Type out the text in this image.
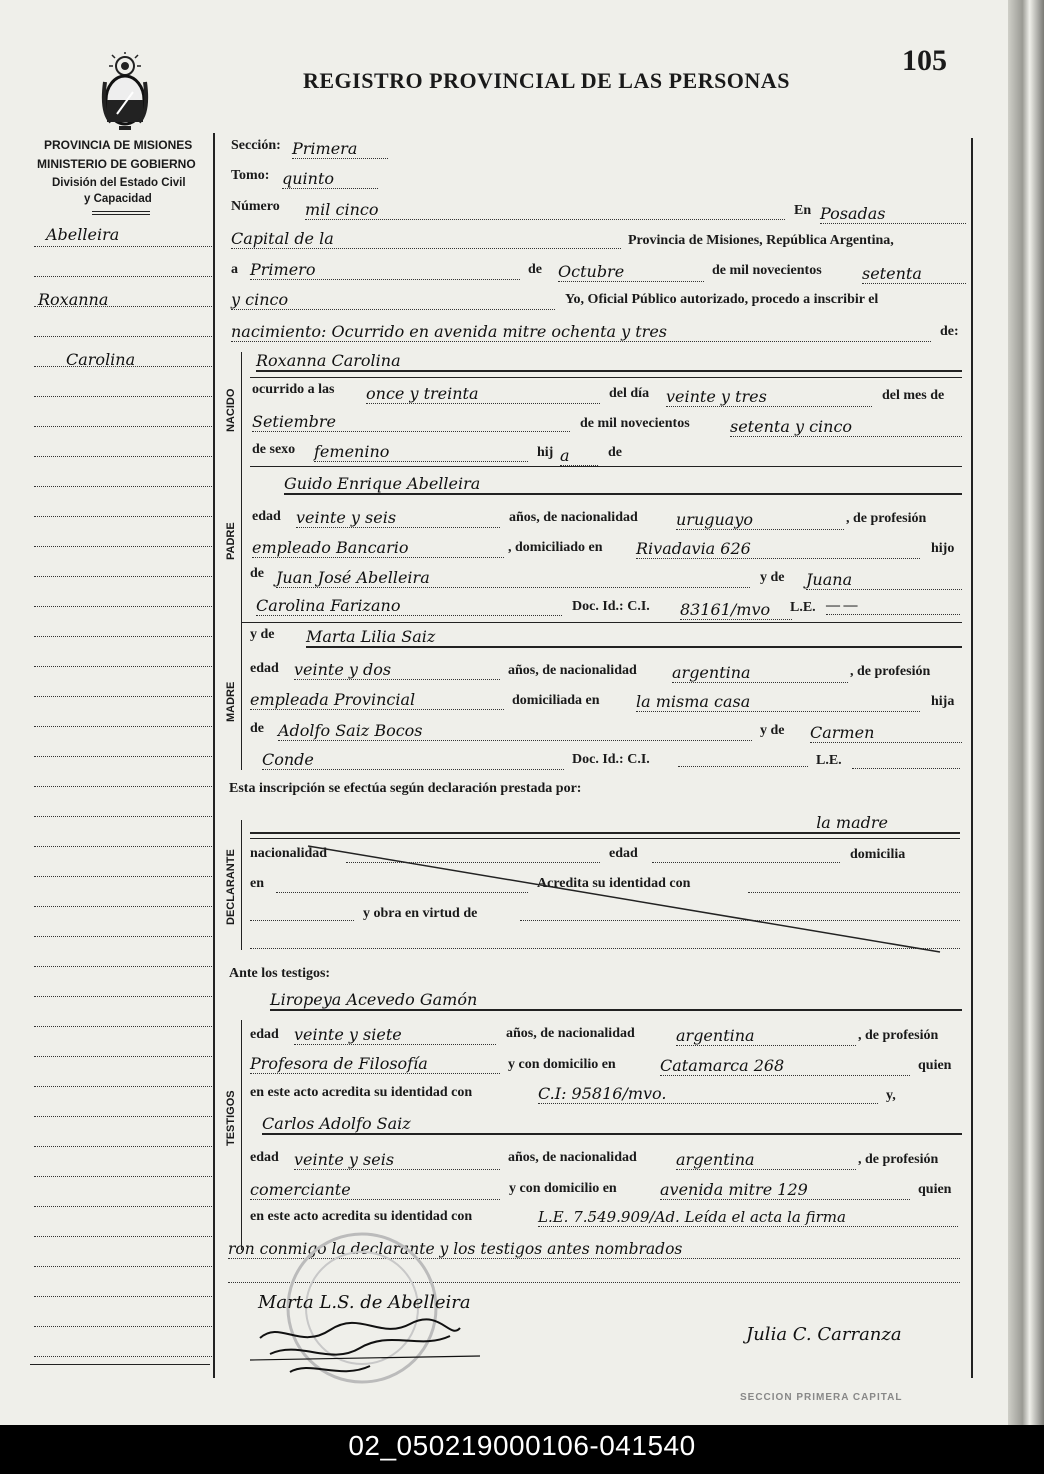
REGISTRO PROVINCIAL DE LAS PERSONAS
105
PROVINCIA DE MISIONES
MINISTERIO DE GOBIERNO
División del Estado Civil
y Capacidad
Abelleira
Roxanna
Carolina
NACIDO
PADRE
MADRE
DECLARANTE
TESTIGOS
Sección: Primera
Tomo: quinto
Número mil cinco	En Posadas
Capital de la	Provincia de Misiones, República Argentina,
a Primero	de Octubre	de mil novecientos	setenta
y cinco	Yo, Oficial Público autorizado, procedo a inscribir el
nacimiento: Ocurrido en avenida mitre ochenta y tres	de:
Roxanna Carolina
ocurrido a las once y treinta	del día veinte y tres	del mes de
Setiembre	de mil novecientos	setenta y cinco
de sexo femenino	hij a	de
Guido Enrique Abelleira
edad veinte y seis	años, de nacionalidad uruguayo	, de profesión
empleado Bancario	, domiciliado en Rivadavia 626	hijo
de Juan José Abelleira	y de Juana
Carolina Farizano	Doc. Id.: C.I. 83161/mvo	L.E. — —
y de Marta Lilia Saiz
edad veinte y dos	años, de nacionalidad argentina	, de profesión
empleada Provincial	domiciliada en la misma casa	hija
de Adolfo Saiz Bocos	y de Carmen
Conde	Doc. Id.: C.I.	L.E.
Esta inscripción se efectúa según declaración prestada por:
la madre
nacionalidad	edad	domicilia
en	Acredita su identidad con
y obra en virtud de
Ante los testigos:
Liropeya Acevedo Gamón
edad veinte y siete	años, de nacionalidad	argentina	, de profesión
Profesora de Filosofía	y con domicilio en	Catamarca 268	quien
en este acto acredita su identidad con	C.I: 95816/mvo.	y,
Carlos Adolfo Saiz
edad veinte y seis	años, de nacionalidad argentina	, de profesión
comerciante	y con domicilio en	avenida mitre 129	quien
en este acto acredita su identidad con	L.E. 7.549.909/Ad. Leída el acta la firma
ron conmigo la declarante y los testigos antes nombrados
SECCION PRIMERA CAPITAL
Marta L.S. de Abelleira
Julia C. Carranza
02_050219000106-041540
